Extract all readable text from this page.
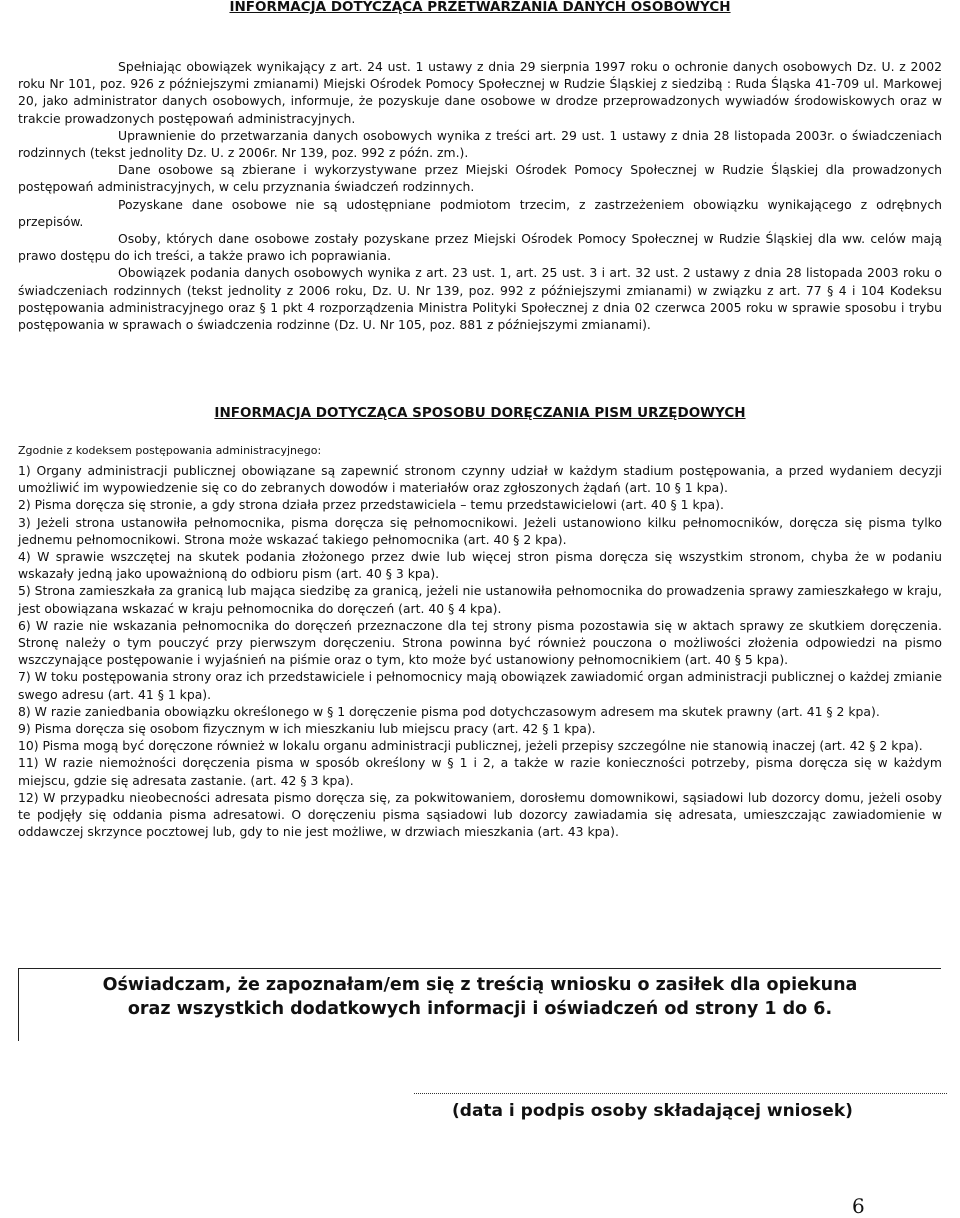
INFORMACJA DOTYCZĄCA PRZETWARZANIA DANYCH OSOBOWYCH

Spełniając obowiązek wynikający z art. 24 ust. 1 ustawy z dnia 29 sierpnia 1997 roku o ochronie danych osobowych Dz. U. z 2002 roku Nr 101, poz. 926 z późniejszymi zmianami) Miejski Ośrodek Pomocy Społecznej w Rudzie Śląskiej z siedzibą : Ruda Śląska 41-709 ul. Markowej 20, jako administrator danych osobowych, informuje, że pozyskuje dane osobowe w drodze przeprowadzonych wywiadów środowiskowych oraz w trakcie prowadzonych postępowań administracyjnych.

Uprawnienie do przetwarzania danych osobowych wynika z treści art. 29 ust. 1 ustawy z dnia 28 listopada 2003r. o świadczeniach rodzinnych (tekst jednolity Dz. U. z 2006r. Nr 139, poz. 992 z późn. zm.).

Dane osobowe są zbierane i wykorzystywane przez Miejski Ośrodek Pomocy Społecznej w Rudzie Śląskiej dla prowadzonych postępowań administracyjnych, w celu przyznania świadczeń rodzinnych.

Pozyskane dane osobowe nie są udostępniane podmiotom trzecim, z zastrzeżeniem obowiązku wynikającego z odrębnych przepisów.

Osoby, których dane osobowe zostały pozyskane przez Miejski Ośrodek Pomocy Społecznej w Rudzie Śląskiej dla ww. celów mają prawo dostępu do ich treści, a także prawo ich poprawiania.

Obowiązek podania danych osobowych wynika z art. 23 ust. 1, art. 25 ust. 3 i art. 32 ust. 2 ustawy z dnia 28 listopada 2003 roku o świadczeniach rodzinnych (tekst jednolity z 2006 roku, Dz. U. Nr 139, poz. 992 z późniejszymi zmianami) w związku z art. 77 § 4 i 104 Kodeksu postępowania administracyjnego oraz § 1 pkt 4 rozporządzenia Ministra Polityki Społecznej z dnia 02 czerwca 2005 roku w sprawie sposobu i trybu postępowania w sprawach o świadczenia rodzinne (Dz. U. Nr 105, poz. 881 z późniejszymi zmianami).

INFORMACJA DOTYCZĄCA SPOSOBU DORĘCZANIA PISM URZĘDOWYCH

Zgodnie z kodeksem postępowania administracyjnego:

1) Organy administracji publicznej obowiązane są zapewnić stronom czynny udział w każdym stadium postępowania, a przed wydaniem decyzji umożliwić im wypowiedzenie się co do zebranych dowodów i materiałów oraz zgłoszonych żądań (art. 10 § 1 kpa).

2) Pisma doręcza się stronie, a gdy strona działa przez przedstawiciela – temu przedstawicielowi (art. 40 § 1 kpa).

3) Jeżeli strona ustanowiła pełnomocnika, pisma doręcza się pełnomocnikowi. Jeżeli ustanowiono kilku pełnomocników, doręcza się pisma tylko jednemu pełnomocnikowi. Strona może wskazać takiego pełnomocnika (art. 40 § 2 kpa).

4) W sprawie wszczętej na skutek podania złożonego przez dwie lub więcej stron pisma doręcza się wszystkim stronom, chyba że w podaniu wskazały jedną jako upoważnioną do odbioru pism (art. 40 § 3 kpa).

5) Strona zamieszkała za granicą lub mająca siedzibę za granicą, jeżeli nie ustanowiła pełnomocnika do prowadzenia sprawy zamieszkałego w kraju, jest obowiązana wskazać w kraju pełnomocnika do doręczeń (art. 40 § 4 kpa).

6) W razie nie wskazania pełnomocnika do doręczeń przeznaczone dla tej strony pisma pozostawia się w aktach sprawy ze skutkiem doręczenia. Stronę należy o tym pouczyć przy pierwszym doręczeniu. Strona powinna być również pouczona o możliwości złożenia odpowiedzi na pismo wszczynające postępowanie i wyjaśnień na piśmie oraz o tym, kto może być ustanowiony pełnomocnikiem (art. 40 § 5 kpa).

7) W toku postępowania strony oraz ich przedstawiciele i pełnomocnicy mają obowiązek zawiadomić organ administracji publicznej o każdej zmianie swego adresu (art. 41 § 1 kpa).

8) W razie zaniedbania obowiązku określonego w § 1 doręczenie pisma pod dotychczasowym adresem ma skutek prawny (art. 41 § 2 kpa).

9) Pisma doręcza się osobom fizycznym w ich mieszkaniu lub miejscu pracy (art. 42 § 1 kpa).

10) Pisma mogą być doręczone również w lokalu organu administracji publicznej, jeżeli przepisy szczególne nie stanowią inaczej (art. 42 § 2 kpa).

11) W razie niemożności doręczenia pisma w sposób określony w § 1 i 2, a także w razie konieczności potrzeby, pisma doręcza się w każdym miejscu, gdzie się adresata zastanie. (art. 42 § 3 kpa).

12) W przypadku nieobecności adresata pismo doręcza się, za pokwitowaniem, dorosłemu domownikowi, sąsiadowi lub dozorcy domu, jeżeli osoby te podjęły się oddania pisma adresatowi. O doręczeniu pisma sąsiadowi lub dozorcy zawiadamia się adresata, umieszczając zawiadomienie w oddawczej skrzynce pocztowej lub, gdy to nie jest możliwe, w drzwiach mieszkania (art. 43 kpa).

Oświadczam, że zapoznałam/em się z treścią wniosku o zasiłek dla opiekuna
oraz wszystkich dodatkowych informacji i oświadczeń od strony 1 do 6.
(data i podpis osoby składającej wniosek)
6
